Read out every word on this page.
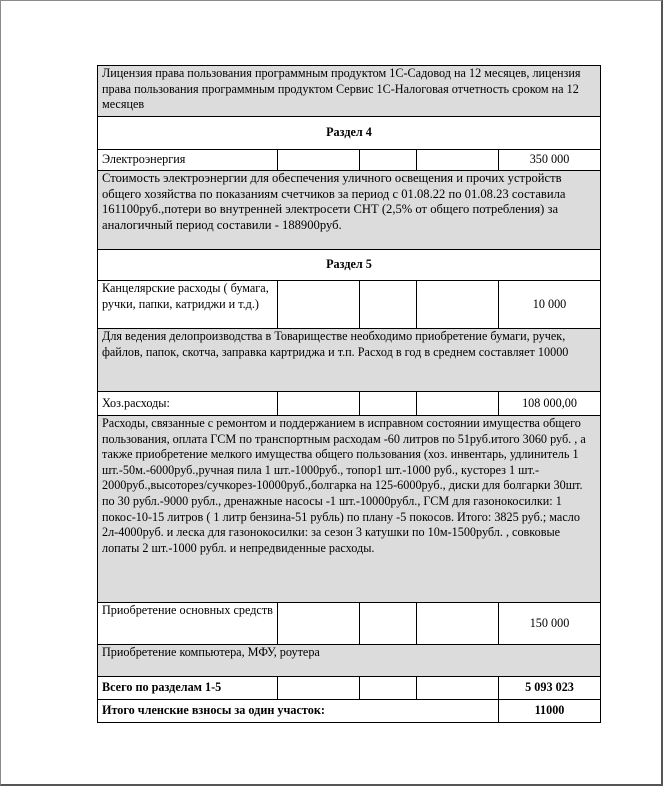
Лицензия права пользования программным продуктом 1С-Садовод на 12 месяцев, лицензия права пользования программным продуктом Сервис 1С-Налоговая отчетность сроком на 12 месяцев				
Раздел 4				
Электроэнергия				350 000
Стоимость электроэнергии для обеспечения уличного освещения и прочих устройств общего хозяйства по показаниям счетчиков за период с 01.08.22 по 01.08.23 составила 161100руб.,потери во внутренней электросети СНТ (2,5% от общего потребления) за аналогичный период составили - 188900руб.				
Раздел 5				
Канцелярские расходы ( бумага, ручки, папки, катриджи и т.д.)				10 000
Для ведения делопроизводства в Товариществе необходимо приобретение бумаги, ручек, файлов, папок, скотча, заправка картриджа и т.п. Расход в год в среднем составляет 10000				
Хоз.расходы:				108 000,00
Расходы, связанные с ремонтом и поддержанием в исправном состоянии имущества общего пользования, оплата ГСМ по транспортным расходам -60 литров по 51руб.итого 3060 руб. , а также приобретение мелкого имущества общего пользования (хоз. инвентарь, удлинитель 1 шт.-50м.-6000руб.,ручная пила 1 шт.-1000руб., топор1 шт.-1000 руб., кусторез 1 шт.- 2000руб.,высоторез/сучкорез-10000руб.,болгарка на 125-6000руб., диски для болгарки 30шт. по 30 рубл.-9000 рубл., дренажные насосы -1 шт.-10000рубл., ГСМ для газонокосилки: 1 покос-10-15 литров ( 1 литр бензина-51 рубль) по плану -5 покосов. Итого: 3825 руб.; масло 2л-4000руб. и леска для газонокосилки: за сезон 3 катушки по 10м-1500рубл. , совковые лопаты 2 шт.-1000 рубл. и непредвиденные расходы.				
Приобретение основных средств				150 000
Приобретение компьютера, МФУ, роутера				
Всего по разделам 1-5				5 093 023
Итого членские взносы за один участок:				11000
